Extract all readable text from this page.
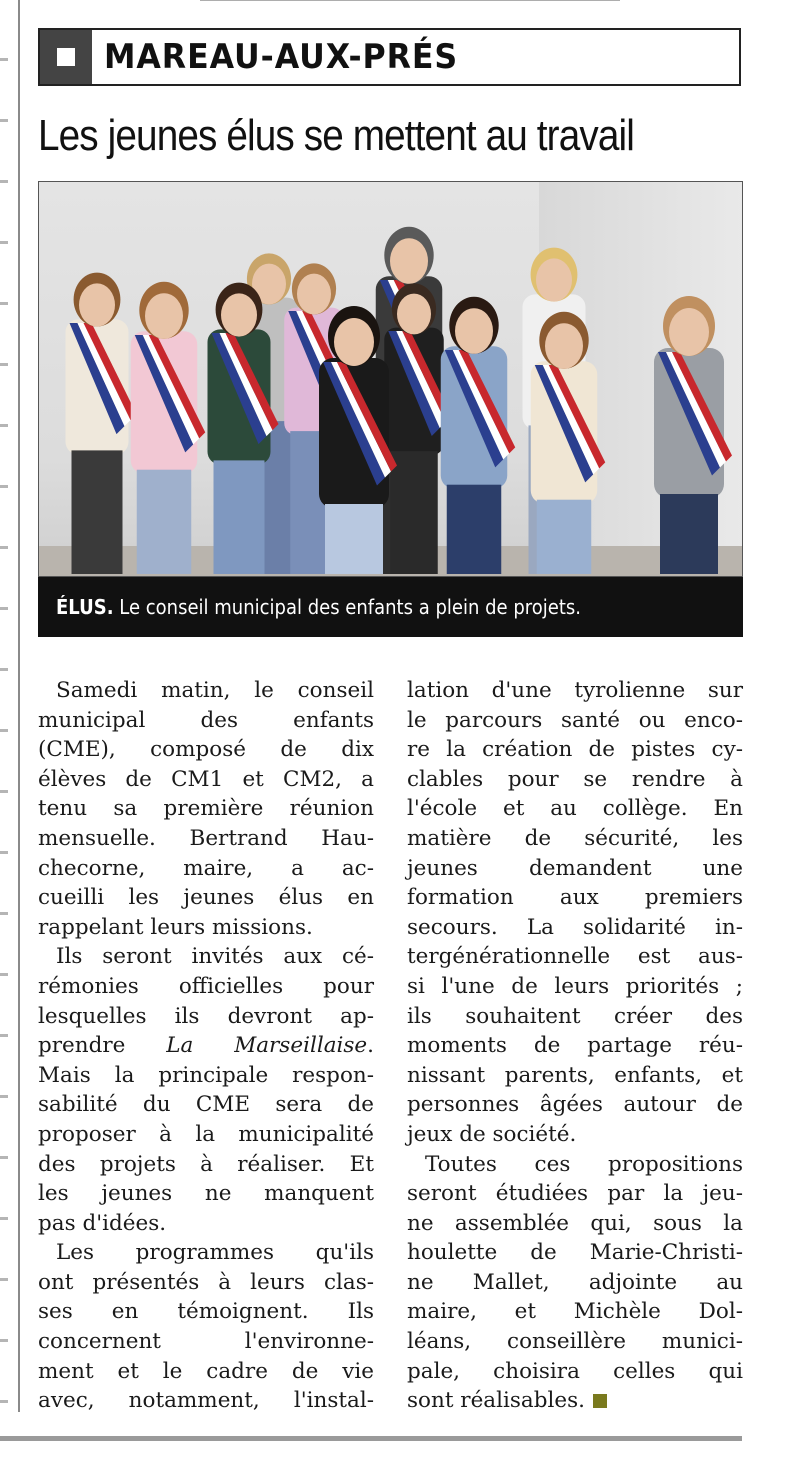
MAREAU-AUX-PRÉS
Les jeunes élus se mettent au travail
ÉLUS. Le conseil municipal des enfants a plein de projets.
Samedi matin, le conseil
municipal des enfants
(CME), composé de dix
élèves de CM1 et CM2, a
tenu sa première réunion
mensuelle. Bertrand Hau-
checorne, maire, a ac-
cueilli les jeunes élus en
rappelant leurs missions.
Ils seront invités aux cé-
rémonies officielles pour
lesquelles ils devront ap-
prendre La Marseillaise.
Mais la principale respon-
sabilité du CME sera de
proposer à la municipalité
des projets à réaliser. Et
les jeunes ne manquent
pas d'idées.
Les programmes qu'ils
ont présentés à leurs clas-
ses en témoignent. Ils
concernent l'environne-
ment et le cadre de vie
avec, notamment, l'instal-
lation d'une tyrolienne sur
le parcours santé ou enco-
re la création de pistes cy-
clables pour se rendre à
l'école et au collège. En
matière de sécurité, les
jeunes demandent une
formation aux premiers
secours. La solidarité in-
tergénérationnelle est aus-
si l'une de leurs priorités ;
ils souhaitent créer des
moments de partage réu-
nissant parents, enfants, et
personnes âgées autour de
jeux de société.
Toutes ces propositions
seront étudiées par la jeu-
ne assemblée qui, sous la
houlette de Marie-Christi-
ne Mallet, adjointe au
maire, et Michèle Dol-
léans, conseillère munici-
pale, choisira celles qui
sont réalisables.
